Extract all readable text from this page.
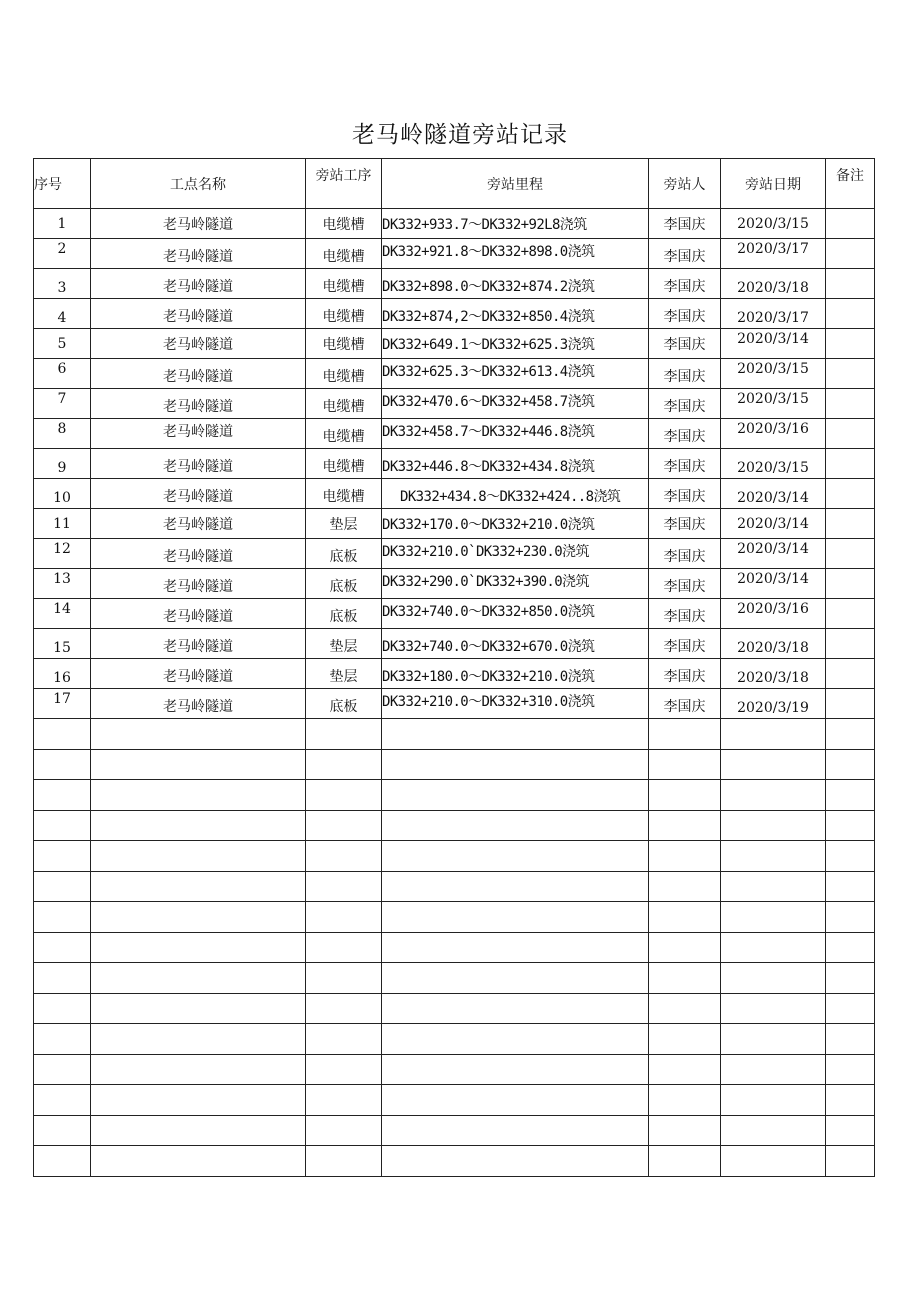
老马岭隧道旁站记录
序号	工点名称	旁站工序	旁站里程	旁站人	旁站日期	备注
1	老马岭隧道	电缆槽	DK332+933.7～DK332+92L8浇筑	李国庆	2020/3/15	
2	老马岭隧道	电缆槽	DK332+921.8～DK332+898.0浇筑	李国庆	2020/3/17	
3	老马岭隧道	电缆槽	DK332+898.0～DK332+874.2浇筑	李国庆	2020/3/18	
4	老马岭隧道	电缆槽	DK332+874,2～DK332+850.4浇筑	李国庆	2020/3/17	
5	老马岭隧道	电缆槽	DK332+649.1～DK332+625.3浇筑	李国庆	2020/3/14	
6	老马岭隧道	电缆槽	DK332+625.3～DK332+613.4浇筑	李国庆	2020/3/15	
7	老马岭隧道	电缆槽	DK332+470.6～DK332+458.7浇筑	李国庆	2020/3/15	
8	老马岭隧道	电缆槽	DK332+458.7～DK332+446.8浇筑	李国庆	2020/3/16	
9	老马岭隧道	电缆槽	DK332+446.8～DK332+434.8浇筑	李国庆	2020/3/15	
10	老马岭隧道	电缆槽	DK332+434.8～DK332+424..8浇筑	李国庆	2020/3/14	
11	老马岭隧道	垫层	DK332+170.0～DK332+210.0浇筑	李国庆	2020/3/14	
12	老马岭隧道	底板	DK332+210.0`DK332+230.0浇筑	李国庆	2020/3/14	
13	老马岭隧道	底板	DK332+290.0`DK332+390.0浇筑	李国庆	2020/3/14	
14	老马岭隧道	底板	DK332+740.0～DK332+850.0浇筑	李国庆	2020/3/16	
15	老马岭隧道	垫层	DK332+740.0～DK332+670.0浇筑	李国庆	2020/3/18	
16	老马岭隧道	垫层	DK332+180.0～DK332+210.0浇筑	李国庆	2020/3/18	
17	老马岭隧道	底板	DK332+210.0～DK332+310.0浇筑	李国庆	2020/3/19	
